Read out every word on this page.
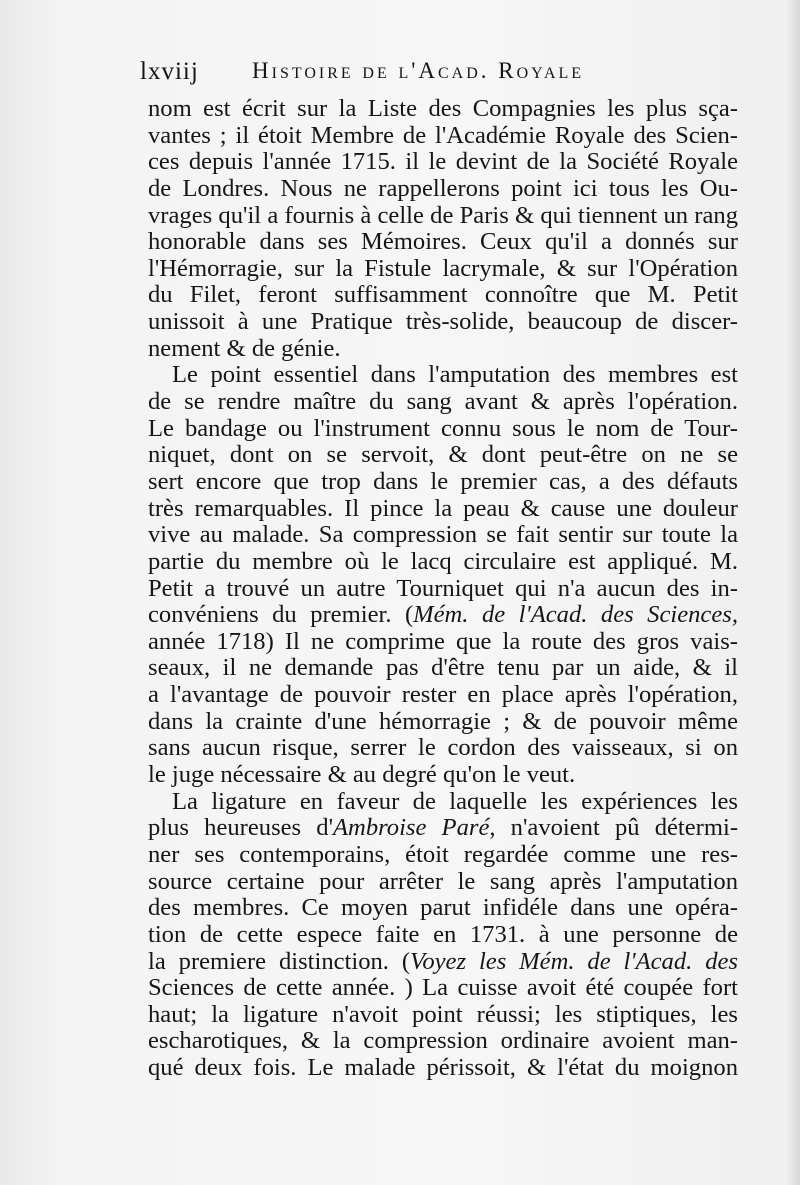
lxviij Histoire de l'Acad. Royale
nom est écrit sur la Liste des Compagnies les plus sça-
vantes ; il étoit Membre de l'Académie Royale des Scien-
ces depuis l'année 1715. il le devint de la Société Royale
de Londres. Nous ne rappellerons point ici tous les Ou-
vrages qu'il a fournis à celle de Paris & qui tiennent un rang
honorable dans ses Mémoires. Ceux qu'il a donnés sur
l'Hémorragie, sur la Fistule lacrymale, & sur l'Opération
du Filet, feront suffisamment connoître que M. Petit
unissoit à une Pratique très-solide, beaucoup de discer-
nement & de génie.
Le point essentiel dans l'amputation des membres est
de se rendre maître du sang avant & après l'opération.
Le bandage ou l'instrument connu sous le nom de Tour-
niquet, dont on se servoit, & dont peut-être on ne se
sert encore que trop dans le premier cas, a des défauts
très remarquables. Il pince la peau & cause une douleur
vive au malade. Sa compression se fait sentir sur toute la
partie du membre où le lacq circulaire est appliqué. M.
Petit a trouvé un autre Tourniquet qui n'a aucun des in-
convéniens du premier. (Mém. de l'Acad. des Sciences,
année 1718) Il ne comprime que la route des gros vais-
seaux, il ne demande pas d'être tenu par un aide, & il
a l'avantage de pouvoir rester en place après l'opération,
dans la crainte d'une hémorragie ; & de pouvoir même
sans aucun risque, serrer le cordon des vaisseaux, si on
le juge nécessaire & au degré qu'on le veut.
La ligature en faveur de laquelle les expériences les
plus heureuses d'Ambroise Paré, n'avoient pû détermi-
ner ses contemporains, étoit regardée comme une res-
source certaine pour arrêter le sang après l'amputation
des membres. Ce moyen parut infidéle dans une opéra-
tion de cette espece faite en 1731. à une personne de
la premiere distinction. (Voyez les Mém. de l'Acad. des
Sciences de cette année. ) La cuisse avoit été coupée fort
haut; la ligature n'avoit point réussi; les stiptiques, les
escharotiques, & la compression ordinaire avoient man-
qué deux fois. Le malade périssoit, & l'état du moignon
